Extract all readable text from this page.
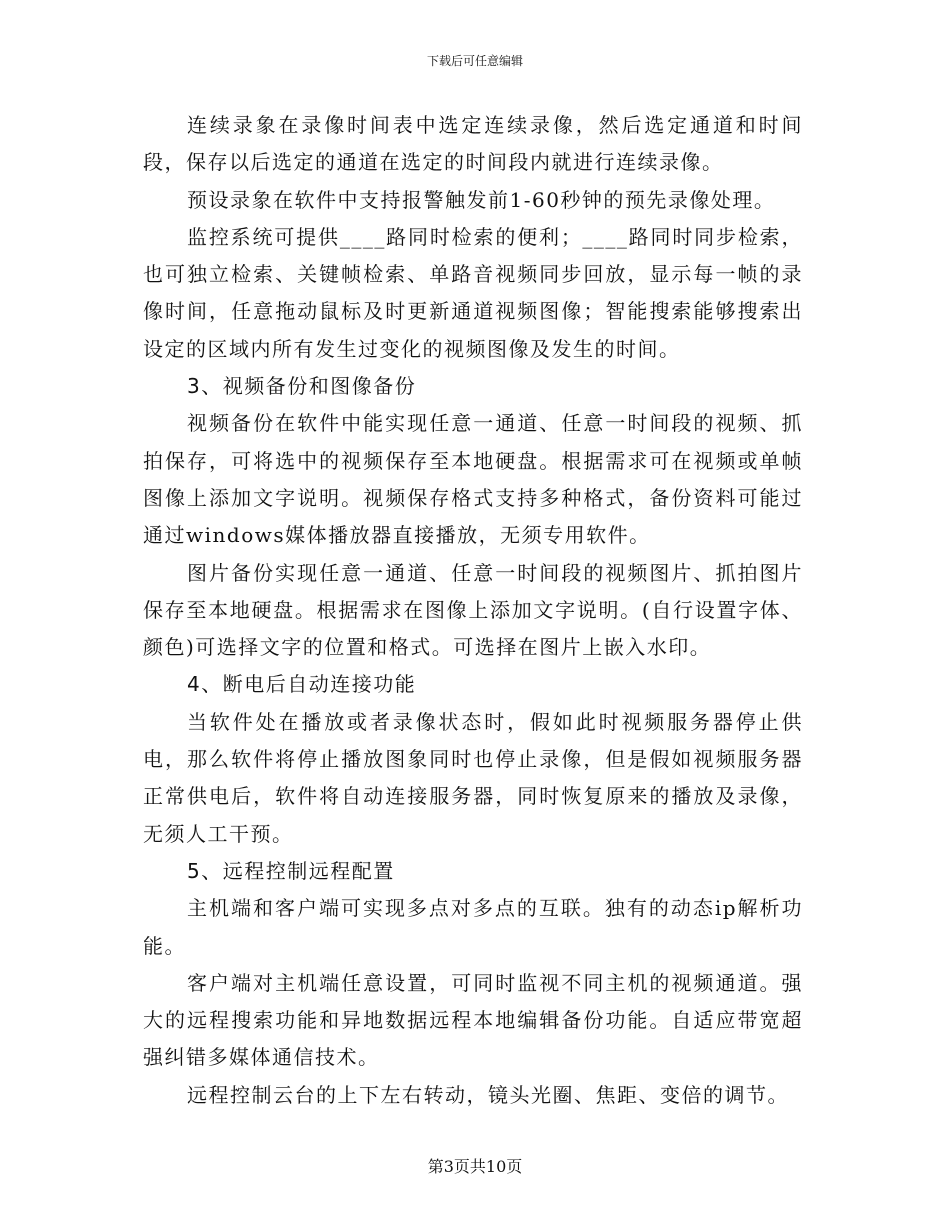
下载后可任意编辑

连续录象在录像时间表中选定连续录像，然后选定通道和时间段，保存以后选定的通道在选定的时间段内就进行连续录像。

预设录象在软件中支持报警触发前1-60秒钟的预先录像处理。

监控系统可提供____路同时检索的便利；____路同时同步检索，也可独立检索、关键帧检索、单路音视频同步回放，显示每一帧的录像时间，任意拖动鼠标及时更新通道视频图像；智能搜索能够搜索出设定的区域内所有发生过变化的视频图像及发生的时间。

3、视频备份和图像备份

视频备份在软件中能实现任意一通道、任意一时间段的视频、抓拍保存，可将选中的视频保存至本地硬盘。根据需求可在视频或单帧图像上添加文字说明。视频保存格式支持多种格式，备份资料可能过通过windows媒体播放器直接播放，无须专用软件。

图片备份实现任意一通道、任意一时间段的视频图片、抓拍图片保存至本地硬盘。根据需求在图像上添加文字说明。(自行设置字体、颜色)可选择文字的位置和格式。可选择在图片上嵌入水印。

4、断电后自动连接功能

当软件处在播放或者录像状态时，假如此时视频服务器停止供电，那么软件将停止播放图象同时也停止录像，但是假如视频服务器正常供电后，软件将自动连接服务器，同时恢复原来的播放及录像，无须人工干预。

5、远程控制远程配置

主机端和客户端可实现多点对多点的互联。独有的动态ip解析功能。

客户端对主机端任意设置，可同时监视不同主机的视频通道。强大的远程搜索功能和异地数据远程本地编辑备份功能。自适应带宽超强纠错多媒体通信技术。

远程控制云台的上下左右转动，镜头光圈、焦距、变倍的调节。

第3页共10页
